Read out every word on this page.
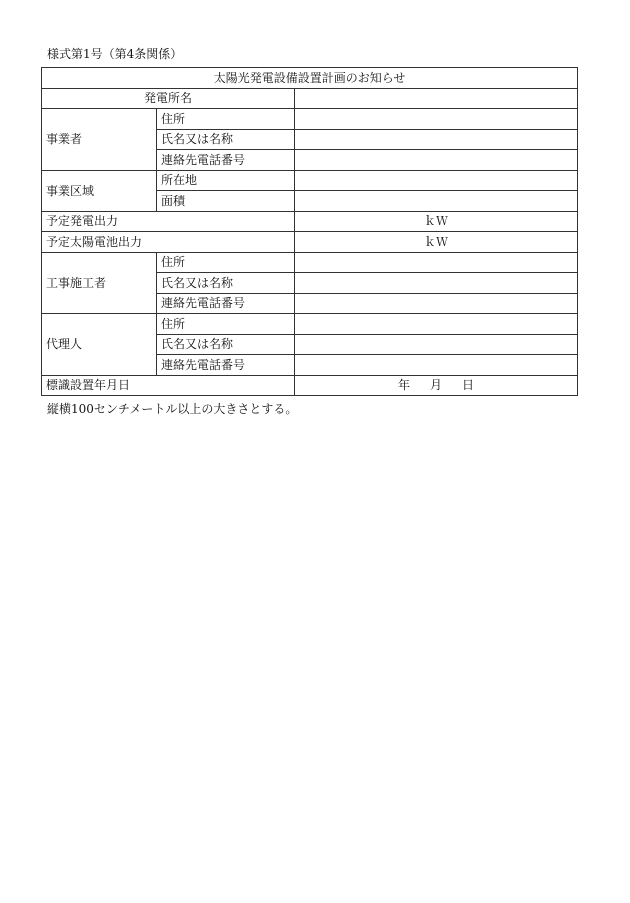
様式第1号（第4条関係）
太陽光発電設備設置計画のお知らせ		
発電所名		
事業者	住所	
	氏名又は名称	
	連絡先電話番号	
事業区域	所在地	
	面積	
予定発電出力		ｋＷ
予定太陽電池出力		ｋＷ
工事施工者	住所	
	氏名又は名称	
	連絡先電話番号	
代理人	住所	
	氏名又は名称	
	連絡先電話番号	
標識設置年月日		年 月 日
縦横100センチメートル以上の大きさとする。
